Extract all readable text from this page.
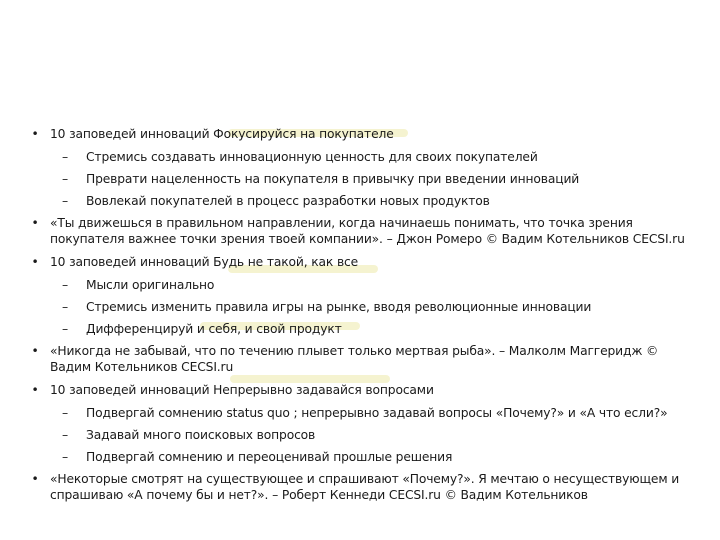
• 10 заповедей инноваций Фокусируйся на покупателе
– Стремись создавать инновационную ценность для своих покупателей
– Преврати нацеленность на покупателя в привычку при введении инноваций
– Вовлекай покупателей в процесс разработки новых продуктов
• «Ты движешься в правильном направлении, когда начинаешь понимать, что точка зрения покупателя важнее точки зрения твоей компании». – Джон Ромеро © Вадим Котельников CECSI.ru
• 10 заповедей инноваций Будь не такой, как все
– Мысли оригинально
– Стремись изменить правила игры на рынке, вводя революционные инновации
– Дифференцируй и себя, и свой продукт
• «Никогда не забывай, что по течению плывет только мертвая рыба». – Малколм Маггеридж © Вадим Котельников CECSI.ru
• 10 заповедей инноваций Непрерывно задавайся вопросами
– Подвергай сомнению status quo ; непрерывно задавай вопросы «Почему?» и «А что если?»
– Задавай много поисковых вопросов
– Подвергай сомнению и переоценивай прошлые решения
• «Некоторые смотрят на существующее и спрашивают «Почему?». Я мечтаю о несуществующем и спрашиваю «А почему бы и нет?». – Роберт Кеннеди CECSI.ru © Вадим Котельников
